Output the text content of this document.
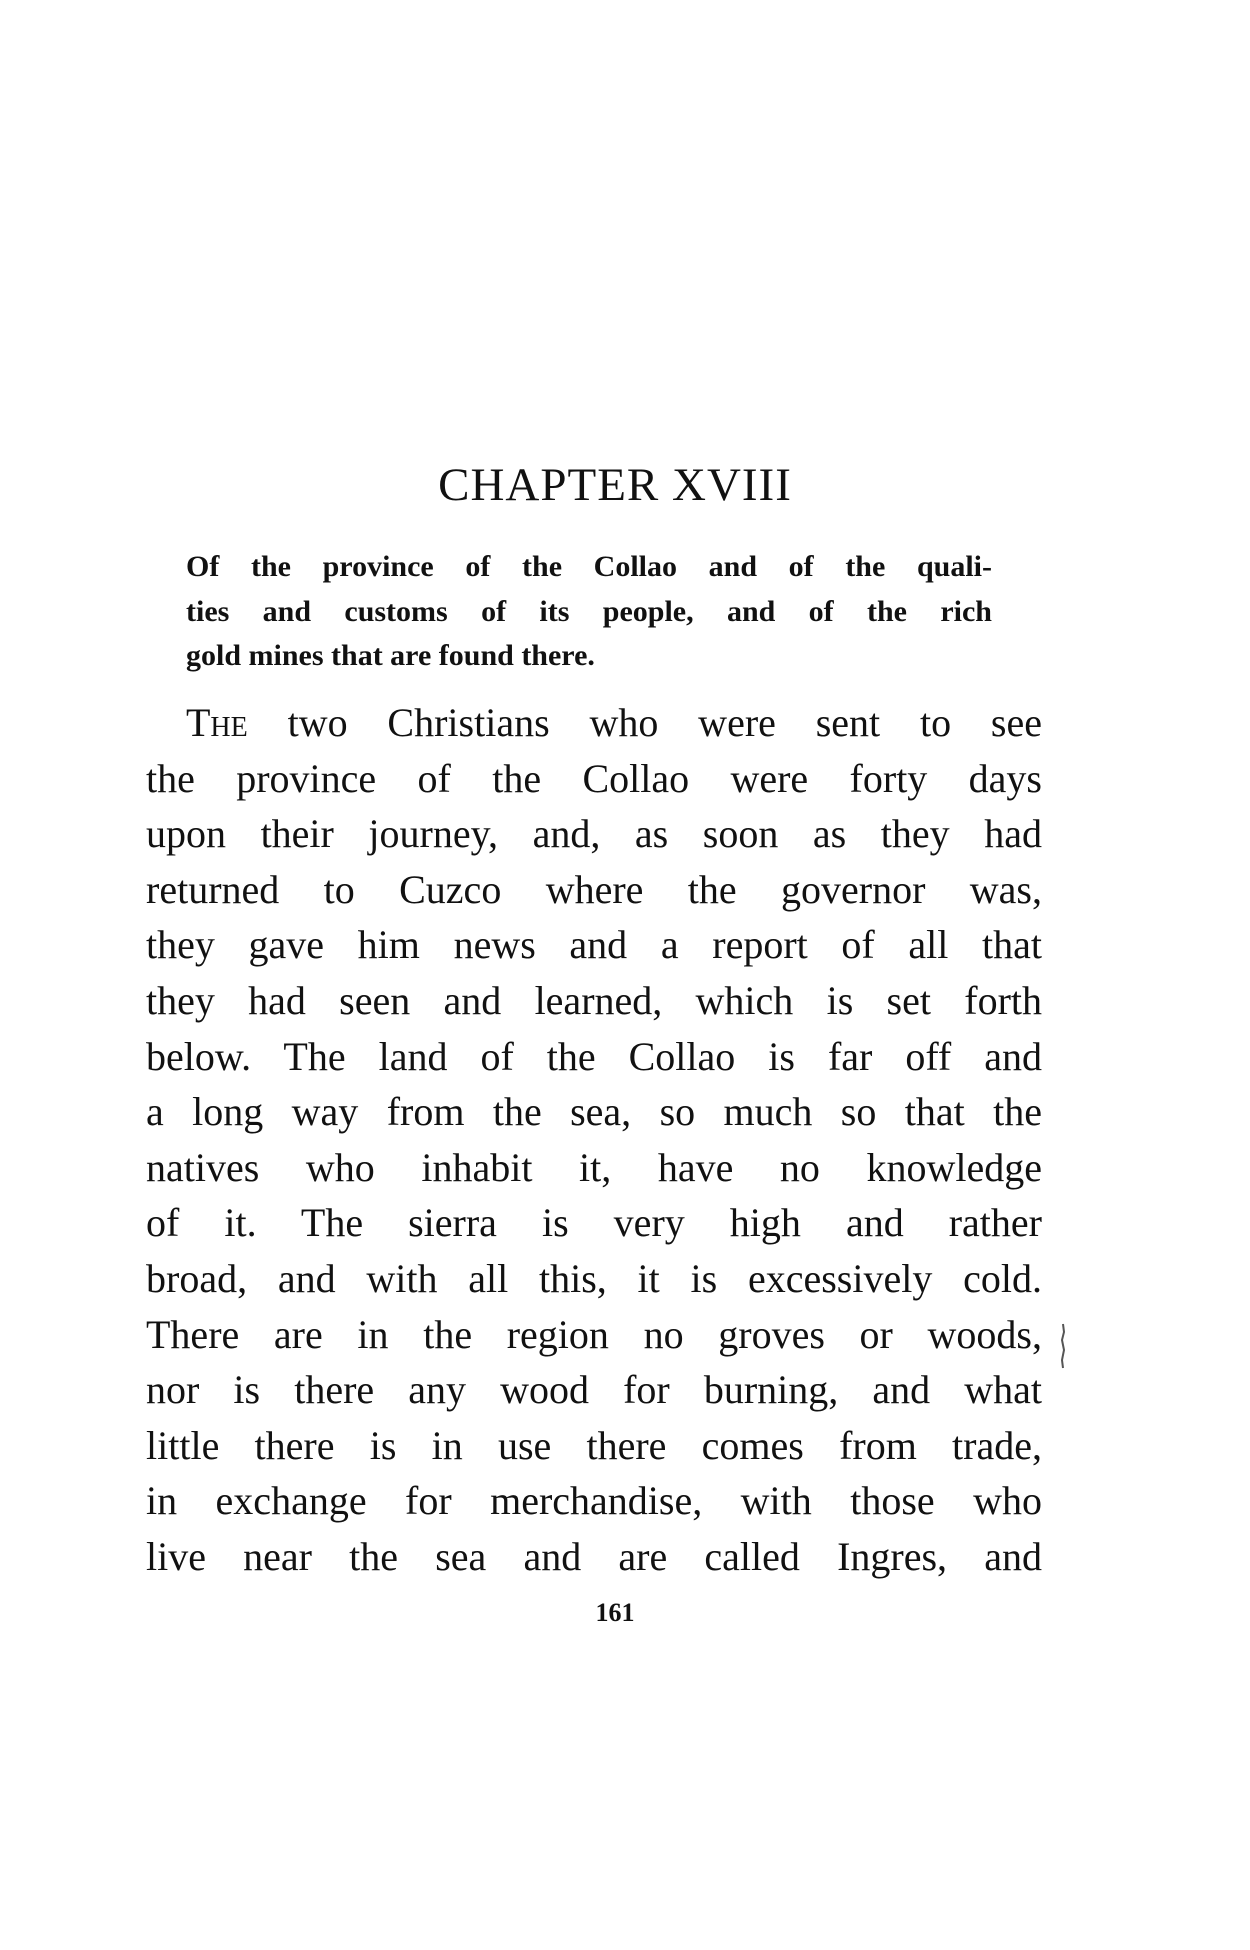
CHAPTER XVIII
Of the province of the Collao and of the quali-
ties and customs of its people, and of the rich
gold mines that are found there.
The two Christians who were sent to see
the province of the Collao were forty days
upon their journey, and, as soon as they had
returned to Cuzco where the governor was,
they gave him news and a report of all that
they had seen and learned, which is set forth
below. The land of the Collao is far off and
a long way from the sea, so much so that the
natives who inhabit it, have no knowledge
of it. The sierra is very high and rather
broad, and with all this, it is excessively cold.
There are in the region no groves or woods,
nor is there any wood for burning, and what
little there is in use there comes from trade,
in exchange for merchandise, with those who
live near the sea and are called Ingres, and
161
